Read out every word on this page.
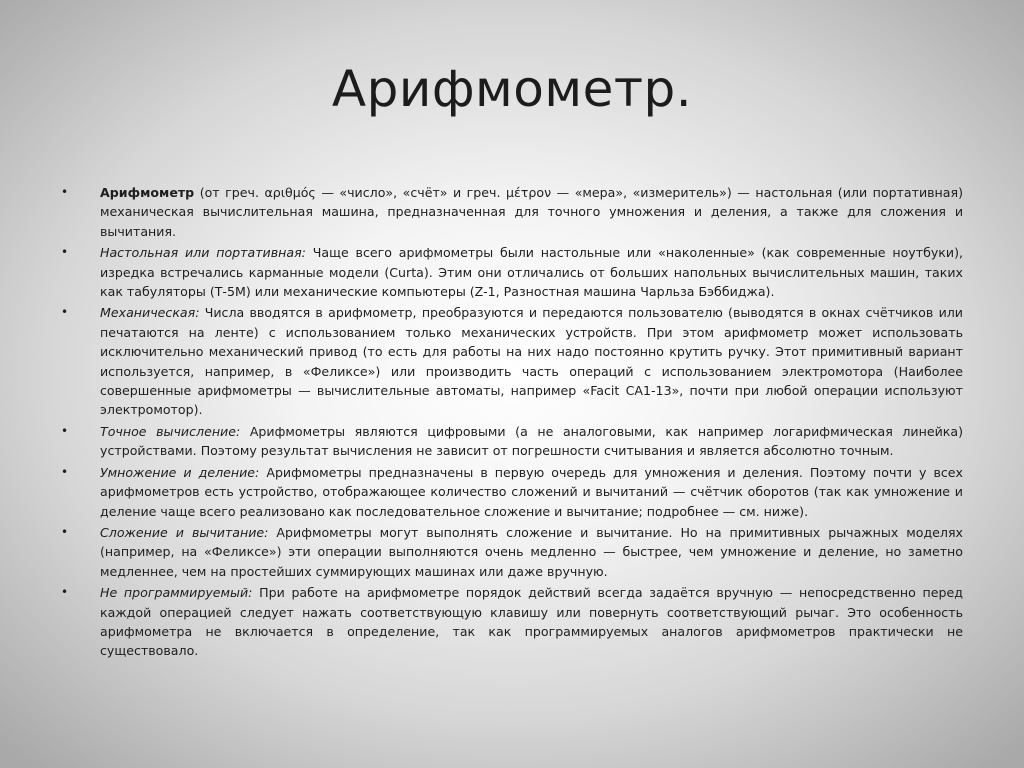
Арифмометр.
•	Арифмометр (от греч. αριθμός — «число», «счёт» и греч. μέτρον — «мера», «измеритель») — настольная (или портативная) механическая вычислительная машина, предназначенная для точного умножения и деления, а также для сложения и вычитания.
•	Настольная или портативная: Чаще всего арифмометры были настольные или «наколенные» (как современные ноутбуки), изредка встречались карманные модели (Curta). Этим они отличались от больших напольных вычислительных машин, таких как табуляторы (Т-5М) или механические компьютеры (Z-1, Разностная машина Чарльза Бэббиджа).
•	Механическая: Числа вводятся в арифмометр, преобразуются и передаются пользователю (выводятся в окнах счётчиков или печатаются на ленте) с использованием только механических устройств. При этом арифмометр может использовать исключительно механический привод (то есть для работы на них надо постоянно крутить ручку. Этот примитивный вариант используется, например, в «Феликсе») или производить часть операций с использованием электромотора (Наиболее совершенные арифмометры — вычислительные автоматы, например «Facit CA1-13», почти при любой операции используют электромотор).
•	Точное вычисление: Арифмометры являются цифровыми (а не аналоговыми, как например логарифмическая линейка) устройствами. Поэтому результат вычисления не зависит от погрешности считывания и является абсолютно точным.
•	Умножение и деление: Арифмометры предназначены в первую очередь для умножения и деления. Поэтому почти у всех арифмометров есть устройство, отображающее количество сложений и вычитаний — счётчик оборотов (так как умножение и деление чаще всего реализовано как последовательное сложение и вычитание; подробнее — см. ниже).
•	Сложение и вычитание: Арифмометры могут выполнять сложение и вычитание. Но на примитивных рычажных моделях (например, на «Феликсе») эти операции выполняются очень медленно — быстрее, чем умножение и деление, но заметно медленнее, чем на простейших суммирующих машинах или даже вручную.
•	Не программируемый: При работе на арифмометре порядок действий всегда задаётся вручную — непосредственно перед каждой операцией следует нажать соответствующую клавишу или повернуть соответствующий рычаг. Это особенность арифмометра не включается в определение, так как программируемых аналогов арифмометров практически не существовало.
